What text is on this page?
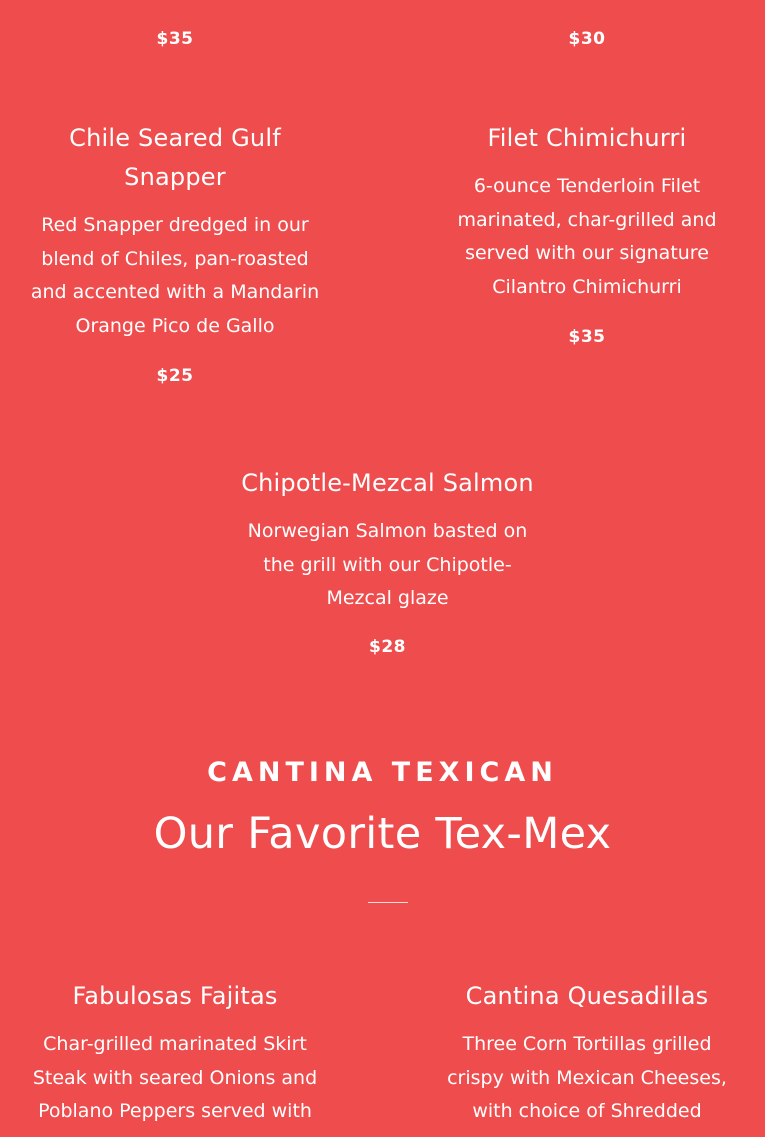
$35	$30
Chile Seared Gulf Snapper
Red Snapper dredged in our blend of Chiles, pan-roasted and accented with a Mandarin Orange Pico de Gallo
$25
Filet Chimichurri
6-ounce Tenderloin Filet marinated, char-grilled and served with our signature Cilantro Chimichurri
$35
Chipotle-Mezcal Salmon
Norwegian Salmon basted on the grill with our Chipotle-Mezcal glaze
$28
CANTINA TEXICAN
Our Favorite Tex-Mex
Fabulosas Fajitas
Char-grilled marinated Skirt Steak with seared Onions and Poblano Peppers served with
Cantina Quesadillas
Three Corn Tortillas grilled crispy with Mexican Cheeses, with choice of Shredded
